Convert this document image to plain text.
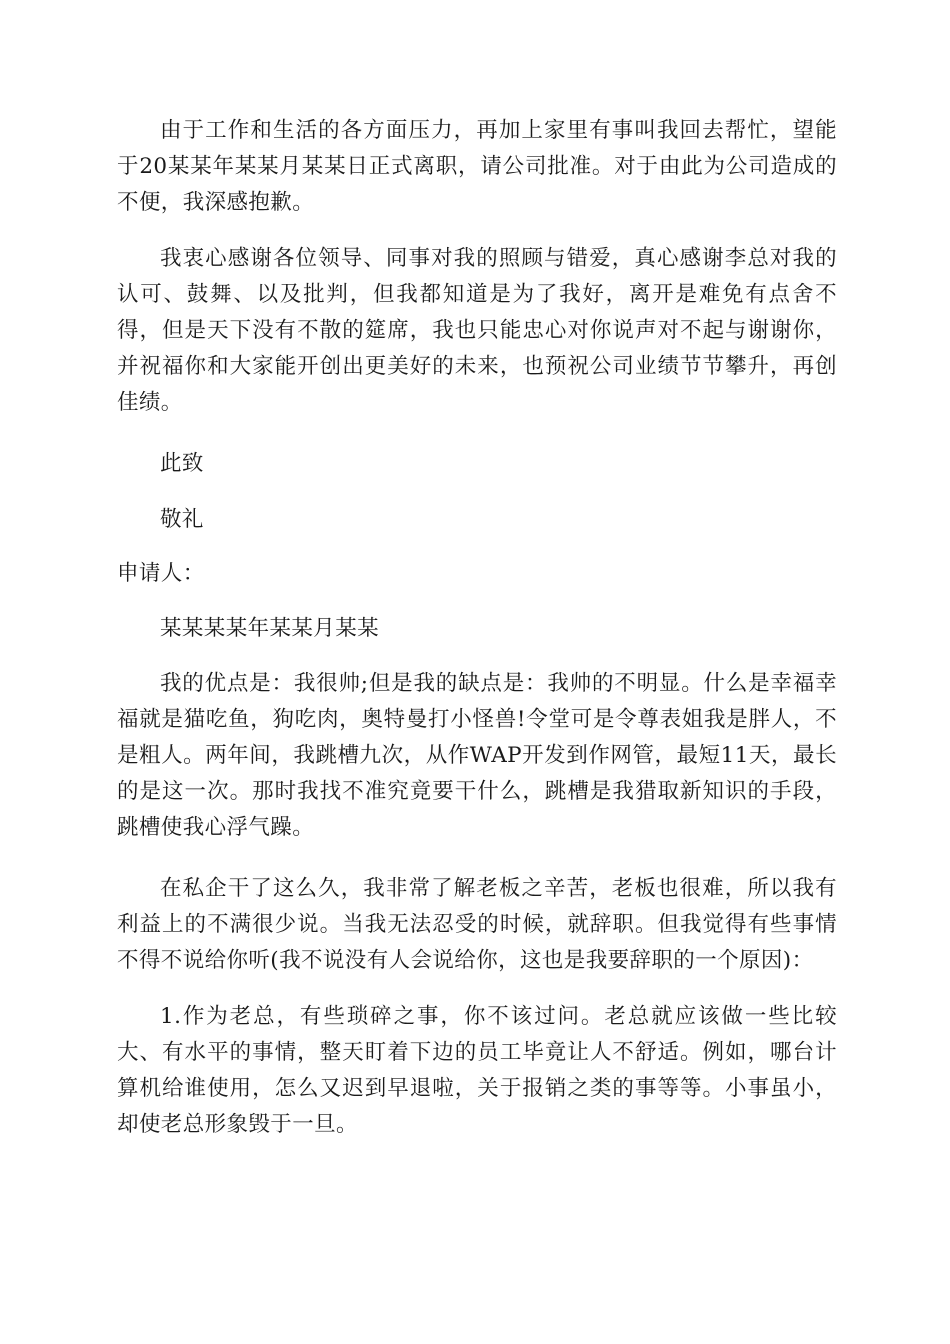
由于工作和生活的各方面压力，再加上家里有事叫我回去帮忙，望能于20某某年某某月某某日正式离职，请公司批准。对于由此为公司造成的不便，我深感抱歉。

我衷心感谢各位领导、同事对我的照顾与错爱，真心感谢李总对我的认可、鼓舞、以及批判，但我都知道是为了我好，离开是难免有点舍不得，但是天下没有不散的筵席，我也只能忠心对你说声对不起与谢谢你，并祝福你和大家能开创出更美好的未来，也预祝公司业绩节节攀升，再创佳绩。

此致

敬礼

申请人：

某某某某年某某月某某

我的优点是：我很帅;但是我的缺点是：我帅的不明显。什么是幸福幸福就是猫吃鱼，狗吃肉，奥特曼打小怪兽!令堂可是令尊表姐我是胖人，不是粗人。两年间，我跳槽九次，从作WAP开发到作网管，最短11天，最长的是这一次。那时我找不准究竟要干什么，跳槽是我猎取新知识的手段，跳槽使我心浮气躁。

在私企干了这么久，我非常了解老板之辛苦，老板也很难，所以我有利益上的不满很少说。当我无法忍受的时候，就辞职。但我觉得有些事情不得不说给你听(我不说没有人会说给你，这也是我要辞职的一个原因)：

1.作为老总，有些琐碎之事，你不该过问。老总就应该做一些比较大、有水平的事情，整天盯着下边的员工毕竟让人不舒适。例如，哪台计算机给谁使用，怎么又迟到早退啦，关于报销之类的事等等。小事虽小，却使老总形象毁于一旦。
